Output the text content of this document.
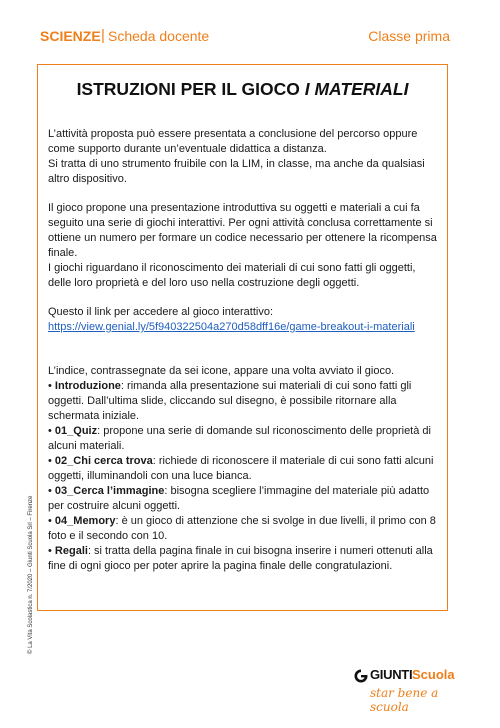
SCIENZE | Scheda docente	Classe prima
ISTRUZIONI PER IL GIOCO I MATERIALI

L’attività proposta può essere presentata a conclusione del percorso oppure come supporto durante un’eventuale didattica a distanza.

Si tratta di uno strumento fruibile con la LIM, in classe, ma anche da qualsiasi altro dispositivo.

Il gioco propone una presentazione introduttiva su oggetti e materiali a cui fa seguito una serie di giochi interattivi. Per ogni attività conclusa correttamente si ottiene un numero per formare un codice necessario per ottenere la ricompensa finale.

I giochi riguardano il riconoscimento dei materiali di cui sono fatti gli oggetti, delle loro proprietà e del loro uso nella costruzione degli oggetti.

Questo il link per accedere al gioco interattivo:

https://view.genial.ly/5f940322504a270d58dff16e/game-breakout-i-materiali

L’indice, contrassegnate da sei icone, appare una volta avviato il gioco.

• Introduzione: rimanda alla presentazione sui materiali di cui sono fatti gli oggetti. Dall’ultima slide, cliccando sul disegno, è possibile ritornare alla schermata iniziale.

• 01_Quiz: propone una serie di domande sul riconoscimento delle proprietà di alcuni materiali.

• 02_Chi cerca trova: richiede di riconoscere il materiale di cui sono fatti alcuni oggetti, illuminandoli con una luce bianca.

• 03_Cerca l’immagine: bisogna scegliere l’immagine del materiale più adatto per costruire alcuni oggetti.

• 04_Memory: è un gioco di attenzione che si svolge in due livelli, il primo con 8 foto e il secondo con 10.

• Regali: si tratta della pagina finale in cui bisogna inserire i numeri ottenuti alla fine di ogni gioco per poter aprire la pagina finale delle congratulazioni.

© La Vita Scolastica n. 7/2020 – Giunti Scuola Srl – Firenze
GIUNTI Scuola
star bene a scuola
